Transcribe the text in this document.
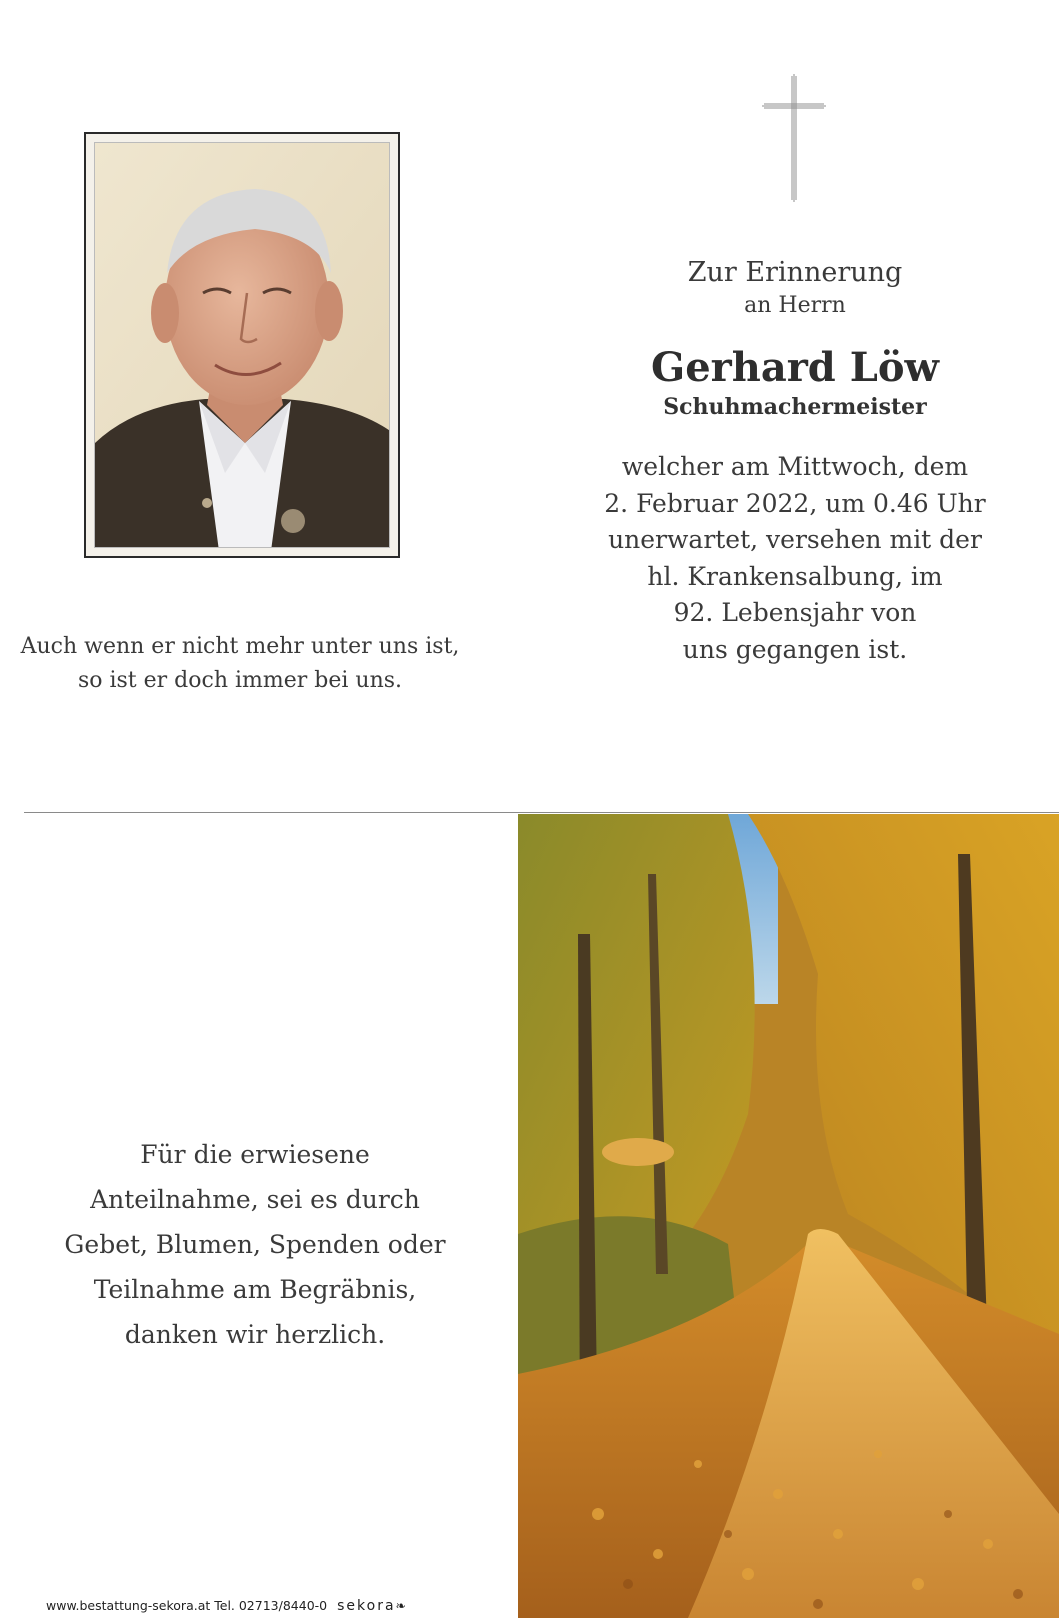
Zur Erinnerung
an Herrn
Gerhard Löw
Schuhmachermeister
welcher am Mittwoch, dem
2. Februar 2022, um 0.46 Uhr
unerwartet, versehen mit der
hl. Krankensalbung, im
92. Lebensjahr von
uns gegangen ist.
Auch wenn er nicht mehr unter uns ist,
so ist er doch immer bei uns.
Für die erwiesene
Anteilnahme, sei es durch
Gebet, Blumen, Spenden oder
Teilnahme am Begräbnis,
danken wir herzlich.
www.bestattung-sekora.at Tel. 02713/8440-0 sekora❧
